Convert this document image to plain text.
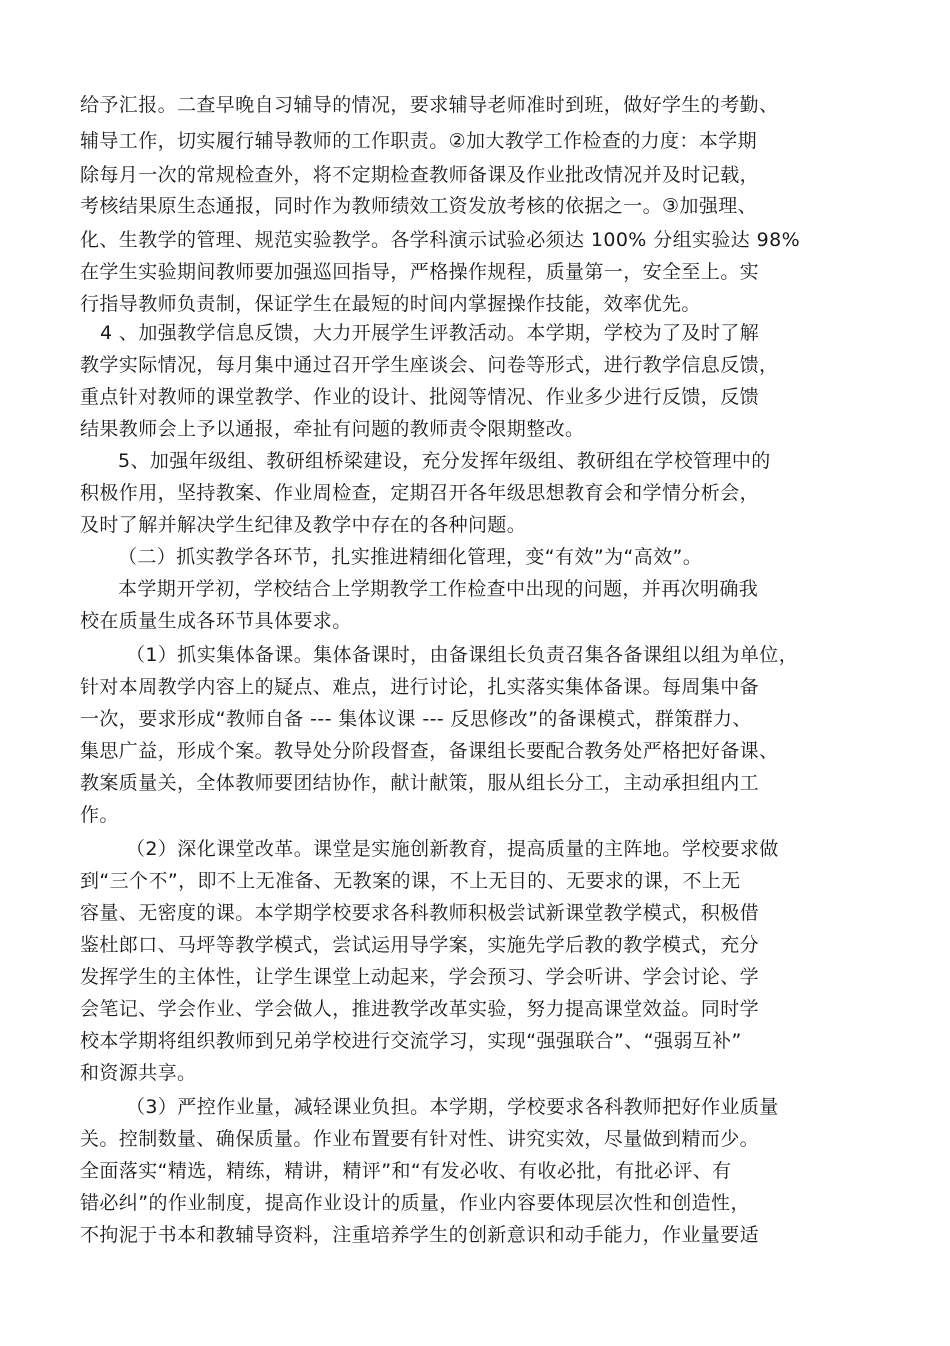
给予汇报。二查早晚自习辅导的情况，要求辅导老师准时到班，做好学生的考勤、
辅导工作，切实履行辅导教师的工作职责。②加大教学工作检查的力度：本学期
除每月一次的常规检查外，将不定期检查教师备课及作业批改情况并及时记载，
考核结果原生态通报，同时作为教师绩效工资发放考核的依据之一。③加强理、
化、生教学的管理、规范实验教学。各学科演示试验必须达 100% 分组实验达 98%
在学生实验期间教师要加强巡回指导，严格操作规程，质量第一，安全至上。实
行指导教师负责制，保证学生在最短的时间内掌握操作技能，效率优先。
4 、加强教学信息反馈，大力开展学生评教活动。本学期，学校为了及时了解
教学实际情况，每月集中通过召开学生座谈会、问卷等形式，进行教学信息反馈，
重点针对教师的课堂教学、作业的设计、批阅等情况、作业多少进行反馈，反馈
结果教师会上予以通报，牵扯有问题的教师责令限期整改。
5、加强年级组、教研组桥梁建设，充分发挥年级组、教研组在学校管理中的
积极作用，坚持教案、作业周检查，定期召开各年级思想教育会和学情分析会，
及时了解并解决学生纪律及教学中存在的各种问题。
（二）抓实教学各环节，扎实推进精细化管理，变“有效”为“高效”。
本学期开学初，学校结合上学期教学工作检查中出现的问题，并再次明确我
校在质量生成各环节具体要求。
（1）抓实集体备课。集体备课时，由备课组长负责召集各备课组以组为单位，
针对本周教学内容上的疑点、难点，进行讨论，扎实落实集体备课。每周集中备
一次，要求形成“教师自备 --- 集体议课 --- 反思修改”的备课模式，群策群力、
集思广益，形成个案。教导处分阶段督查，备课组长要配合教务处严格把好备课、
教案质量关，全体教师要团结协作，献计献策，服从组长分工，主动承担组内工
作。
（2）深化课堂改革。课堂是实施创新教育，提高质量的主阵地。学校要求做
到“三个不”，即不上无准备、无教案的课，不上无目的、无要求的课，不上无
容量、无密度的课。本学期学校要求各科教师积极尝试新课堂教学模式，积极借
鉴杜郎口、马坪等教学模式，尝试运用导学案，实施先学后教的教学模式，充分
发挥学生的主体性，让学生课堂上动起来，学会预习、学会听讲、学会讨论、学
会笔记、学会作业、学会做人，推进教学改革实验，努力提高课堂效益。同时学
校本学期将组织教师到兄弟学校进行交流学习，实现“强强联合”、“强弱互补”
和资源共享。
（3）严控作业量，减轻课业负担。本学期，学校要求各科教师把好作业质量
关。控制数量、确保质量。作业布置要有针对性、讲究实效，尽量做到精而少。
全面落实“精选，精练，精讲，精评”和“有发必收、有收必批，有批必评、有
错必纠”的作业制度，提高作业设计的质量，作业内容要体现层次性和创造性，
不拘泥于书本和教辅导资料，注重培养学生的创新意识和动手能力，作业量要适
